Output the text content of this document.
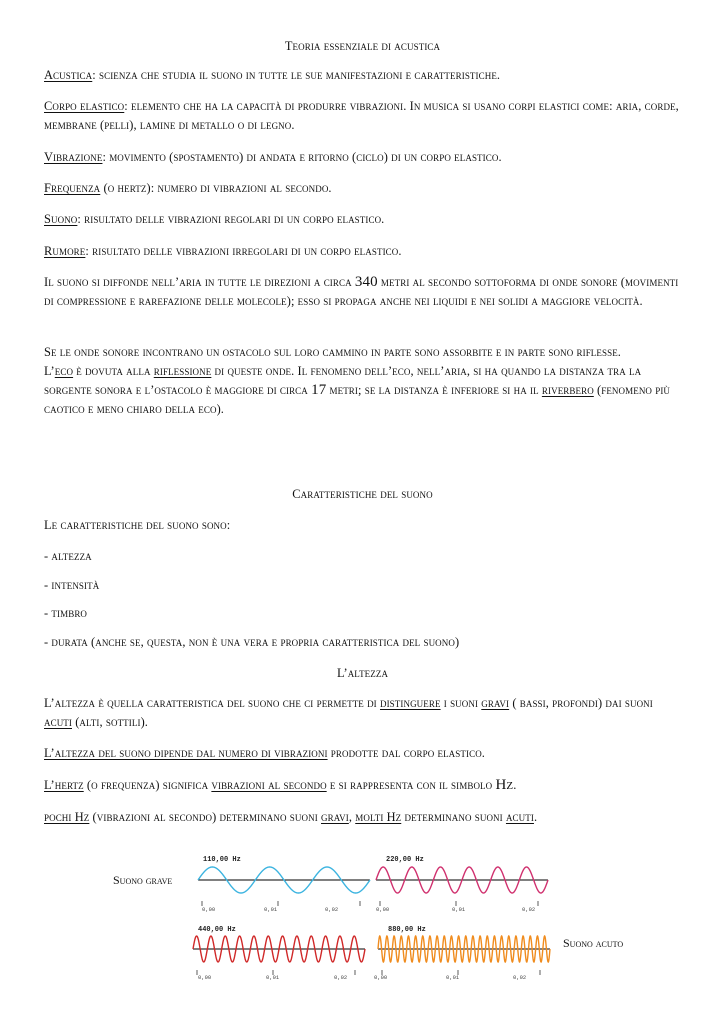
Teoria essenziale di acustica
Acustica: scienza che studia il suono in tutte le sue manifestazioni e caratteristiche.
Corpo elastico: elemento che ha la capacità di produrre vibrazioni. In musica si usano corpi elastici come: aria, corde, membrane (pelli), lamine di metallo o di legno.
Vibrazione: movimento (spostamento) di andata e ritorno (ciclo) di un corpo elastico.
Frequenza (o hertz): numero di vibrazioni al secondo.
Suono: risultato delle vibrazioni regolari di un corpo elastico.
Rumore: risultato delle vibrazioni irregolari di un corpo elastico.
Il suono si diffonde nell’aria in tutte le direzioni a circa 340 metri al secondo sottoforma di onde sonore (movimenti di compressione e rarefazione delle molecole); esso si propaga anche nei liquidi e nei solidi a maggiore velocità.
Se le onde sonore incontrano un ostacolo sul loro cammino in parte sono assorbite e in parte sono riflesse.
L’eco è dovuta alla riflessione di queste onde. Il fenomeno dell’eco, nell’aria, si ha quando la distanza tra la sorgente sonora e l’ostacolo è maggiore di circa 17 metri; se la distanza è inferiore si ha il riverbero (fenomeno più caotico e meno chiaro della eco).
Caratteristiche del suono
Le caratteristiche del suono sono:
- altezza
- intensità
- timbro
- durata (anche se, questa, non è una vera e propria caratteristica del suono)
L’altezza
L’altezza è quella caratteristica del suono che ci permette di distinguere i suoni gravi ( bassi, profondi) dai suoni acuti (alti, sottili).
L’altezza del suono dipende dal numero di vibrazioni prodotte dal corpo elastico.
L’hertz (o frequenza) significa vibrazioni al secondo e si rappresenta con il simbolo Hz.
pochi Hz (vibrazioni al secondo) determinano suoni gravi, molti Hz determinano suoni acuti.
Suono grave
Suono acuto
110,00 Hz
0,00	0,01	0,02
220,00 Hz
0,00	0,01	0,02
440,00 Hz
0,00	0,01	0,02
880,00 Hz
0,00	0,01	0,02
